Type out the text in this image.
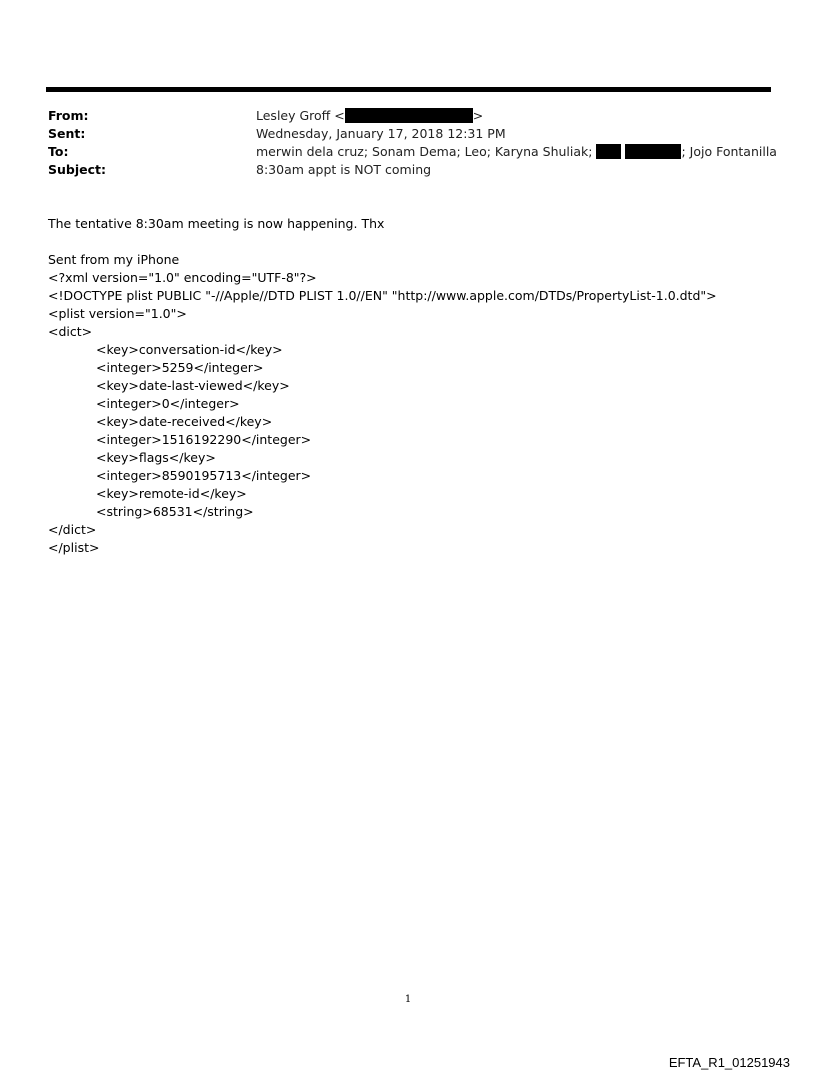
From:	Lesley Groff <	>
Sent:	Wednesday, January 17, 2018 12:31 PM
To:	merwin dela cruz; Sonam Dema; Leo; Karyna Shuliak;	; Jojo Fontanilla
Subject:	8:30am appt is NOT coming
The tentative 8:30am meeting is now happening. Thx
Sent from my iPhone
<?xml version="1.0" encoding="UTF-8"?>
<!DOCTYPE plist PUBLIC "-//Apple//DTD PLIST 1.0//EN" "http://www.apple.com/DTDs/PropertyList-1.0.dtd">
<plist version="1.0">
<dict>
<key>conversation-id</key>
<integer>5259</integer>
<key>date-last-viewed</key>
<integer>0</integer>
<key>date-received</key>
<integer>1516192290</integer>
<key>flags</key>
<integer>8590195713</integer>
<key>remote-id</key>
<string>68531</string>
</dict>
</plist>
1
EFTA_R1_01251943
